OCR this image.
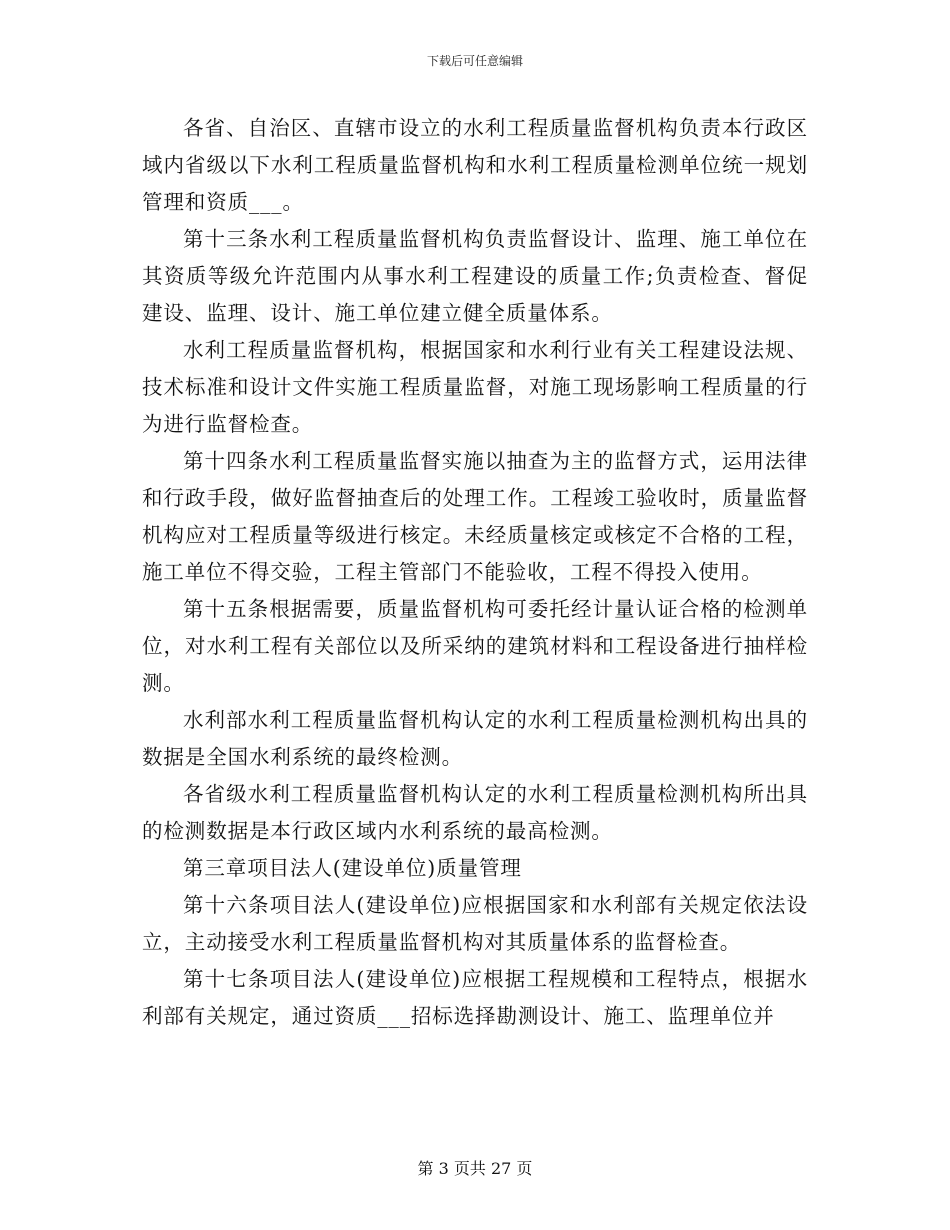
下载后可任意编辑

各省、自治区、直辖市设立的水利工程质量监督机构负责本行政区域内省级以下水利工程质量监督机构和水利工程质量检测单位统一规划管理和资质___。

第十三条水利工程质量监督机构负责监督设计、监理、施工单位在其资质等级允许范围内从事水利工程建设的质量工作;负责检查、督促建设、监理、设计、施工单位建立健全质量体系。

水利工程质量监督机构，根据国家和水利行业有关工程建设法规、技术标准和设计文件实施工程质量监督，对施工现场影响工程质量的行为进行监督检查。

第十四条水利工程质量监督实施以抽查为主的监督方式，运用法律和行政手段，做好监督抽查后的处理工作。工程竣工验收时，质量监督机构应对工程质量等级进行核定。未经质量核定或核定不合格的工程，施工单位不得交验，工程主管部门不能验收，工程不得投入使用。

第十五条根据需要，质量监督机构可委托经计量认证合格的检测单位，对水利工程有关部位以及所采纳的建筑材料和工程设备进行抽样检测。

水利部水利工程质量监督机构认定的水利工程质量检测机构出具的数据是全国水利系统的最终检测。

各省级水利工程质量监督机构认定的水利工程质量检测机构所出具的检测数据是本行政区域内水利系统的最高检测。

第三章项目法人(建设单位)质量管理

第十六条项目法人(建设单位)应根据国家和水利部有关规定依法设立，主动接受水利工程质量监督机构对其质量体系的监督检查。

第十七条项目法人(建设单位)应根据工程规模和工程特点，根据水利部有关规定，通过资质___招标选择勘测设计、施工、监理单位并

第 3 页共 27 页
